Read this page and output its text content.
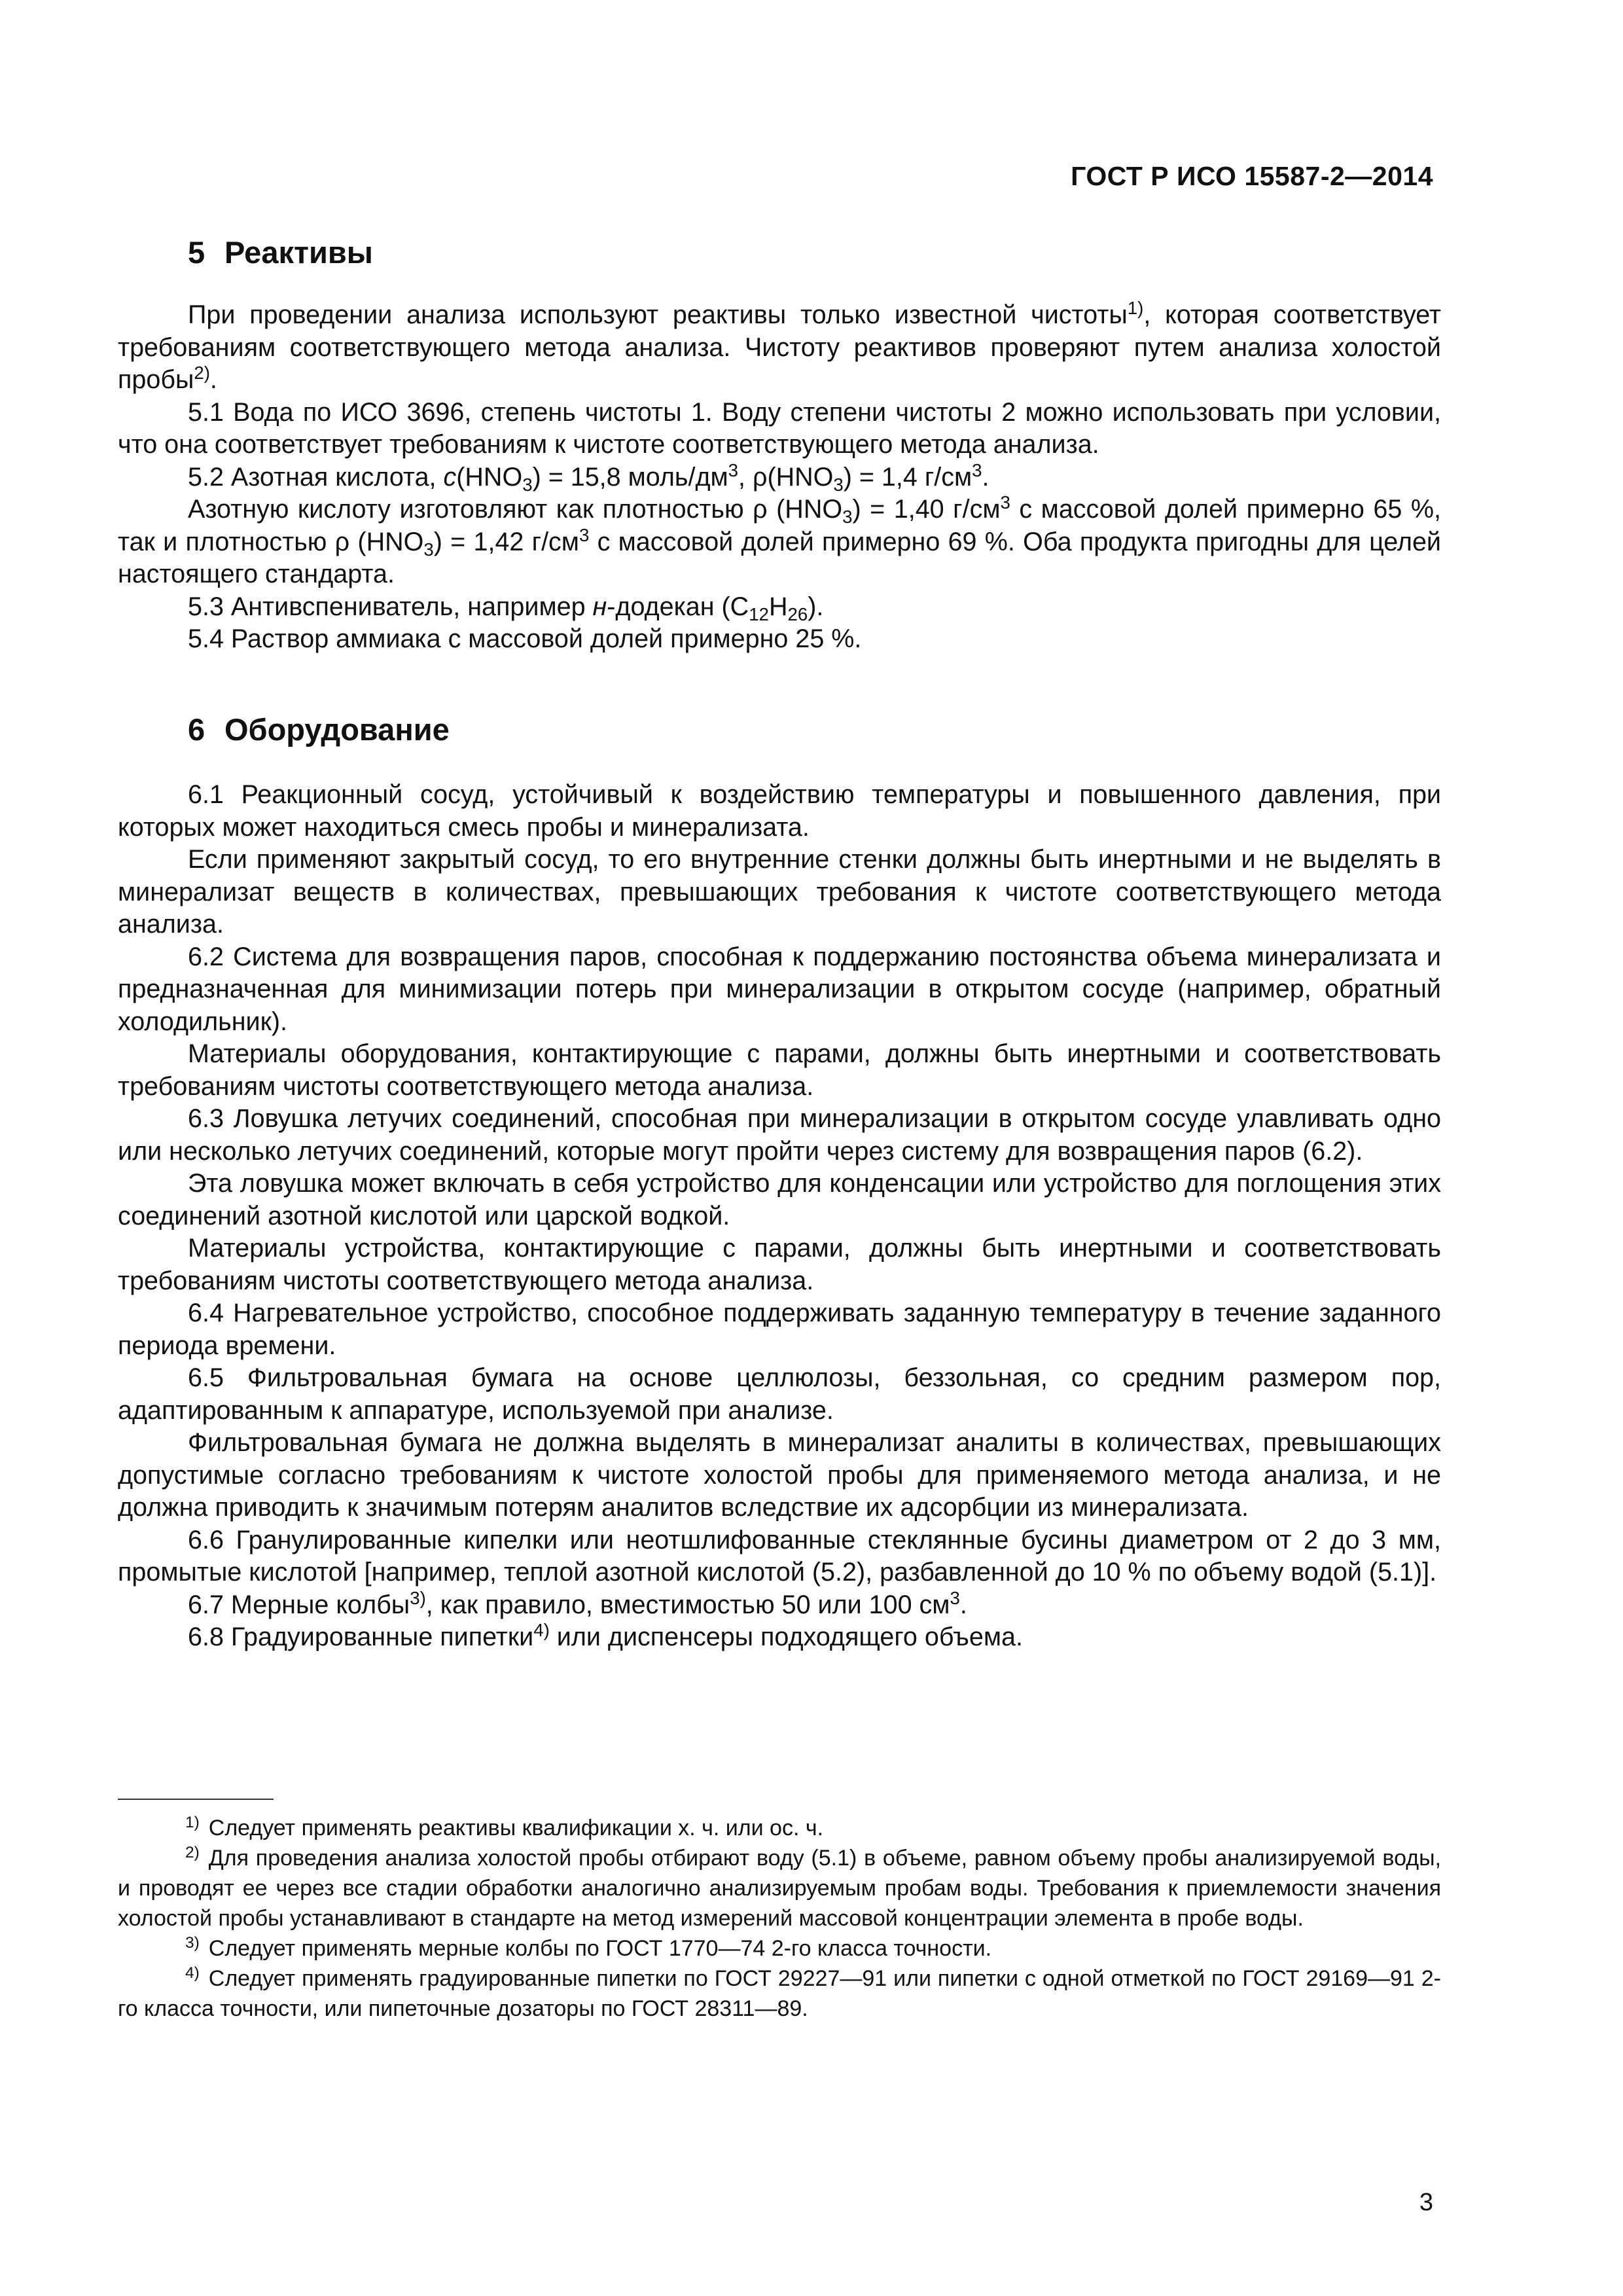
ГОСТ Р ИСО 15587-2—2014
5 Реактивы

При проведении анализа используют реактивы только известной чистоты$^{1)}$, которая соответствует требованиям соответствующего метода анализа. Чистоту реактивов проверяют путем анализа холостой пробы$^{2)}$.

5.1 Вода по ИСО 3696, степень чистоты 1. Воду степени чистоты 2 можно использовать при условии, что она соответствует требованиям к чистоте соответствующего метода анализа.

5.2 Азотная кислота, $c(HNO_3) = 15,8$ моль/$дм^3$, $\rho(HNO_3) = 1,4$ $г/см^3$.

Азотную кислоту изготовляют как плотностью ρ $(HNO_3) = 1,40$ $г/см^3$ с массовой долей примерно 65 %, так и плотностью ρ $(HNO_3) = 1,42$ $г/см^3$ с массовой долей примерно 69 %. Оба продукта пригодны для целей настоящего стандарта.

5.3 Антивспениватель, например н-додекан $(C_{12}H_{26})$.

5.4 Раствор аммиака с массовой долей примерно 25 %.

6 Оборудование

6.1 Реакционный сосуд, устойчивый к воздействию температуры и повышенного давления, при которых может находиться смесь пробы и минерализата.

Если применяют закрытый сосуд, то его внутренние стенки должны быть инертными и не выделять в минерализат веществ в количествах, превышающих требования к чистоте соответствующего метода анализа.

6.2 Система для возвращения паров, способная к поддержанию постоянства объема минерализата и предназначенная для минимизации потерь при минерализации в открытом сосуде (например, обратный холодильник).

Материалы оборудования, контактирующие с парами, должны быть инертными и соответствовать требованиям чистоты соответствующего метода анализа.

6.3 Ловушка летучих соединений, способная при минерализации в открытом сосуде улавливать одно или несколько летучих соединений, которые могут пройти через систему для возвращения паров (6.2).

Эта ловушка может включать в себя устройство для конденсации или устройство для поглощения этих соединений азотной кислотой или царской водкой.

Материалы устройства, контактирующие с парами, должны быть инертными и соответствовать требованиям чистоты соответствующего метода анализа.

6.4 Нагревательное устройство, способное поддерживать заданную температуру в течение заданного периода времени.

6.5 Фильтровальная бумага на основе целлюлозы, беззольная, со средним размером пор, адаптированным к аппаратуре, используемой при анализе.

Фильтровальная бумага не должна выделять в минерализат аналиты в количествах, превышающих допустимые согласно требованиям к чистоте холостой пробы для применяемого метода анализа, и не должна приводить к значимым потерям аналитов вследствие их адсорбции из минерализата.

6.6 Гранулированные кипелки или неотшлифованные стеклянные бусины диаметром от 2 до 3 мм, промытые кислотой [например, теплой азотной кислотой (5.2), разбавленной до 10 % по объему водой (5.1)].

6.7 Мерные колбы$^{3)}$, как правило, вместимостью 50 или 100 $см^3$.

6.8 Градуированные пипетки$^{4)}$ или диспенсеры подходящего объема.

$^{1)}$ Следует применять реактивы квалификации х. ч. или ос. ч.

$^{2)}$ Для проведения анализа холостой пробы отбирают воду (5.1) в объеме, равном объему пробы анализируемой воды, и проводят ее через все стадии обработки аналогично анализируемым пробам воды. Требования к приемлемости значения холостой пробы устанавливают в стандарте на метод измерений массовой концентрации элемента в пробе воды.

$^{3)}$ Следует применять мерные колбы по ГОСТ 1770—74 2-го класса точности.

$^{4)}$ Следует применять градуированные пипетки по ГОСТ 29227—91 или пипетки с одной отметкой по ГОСТ 29169—91 2-го класса точности, или пипеточные дозаторы по ГОСТ 28311—89.

3
